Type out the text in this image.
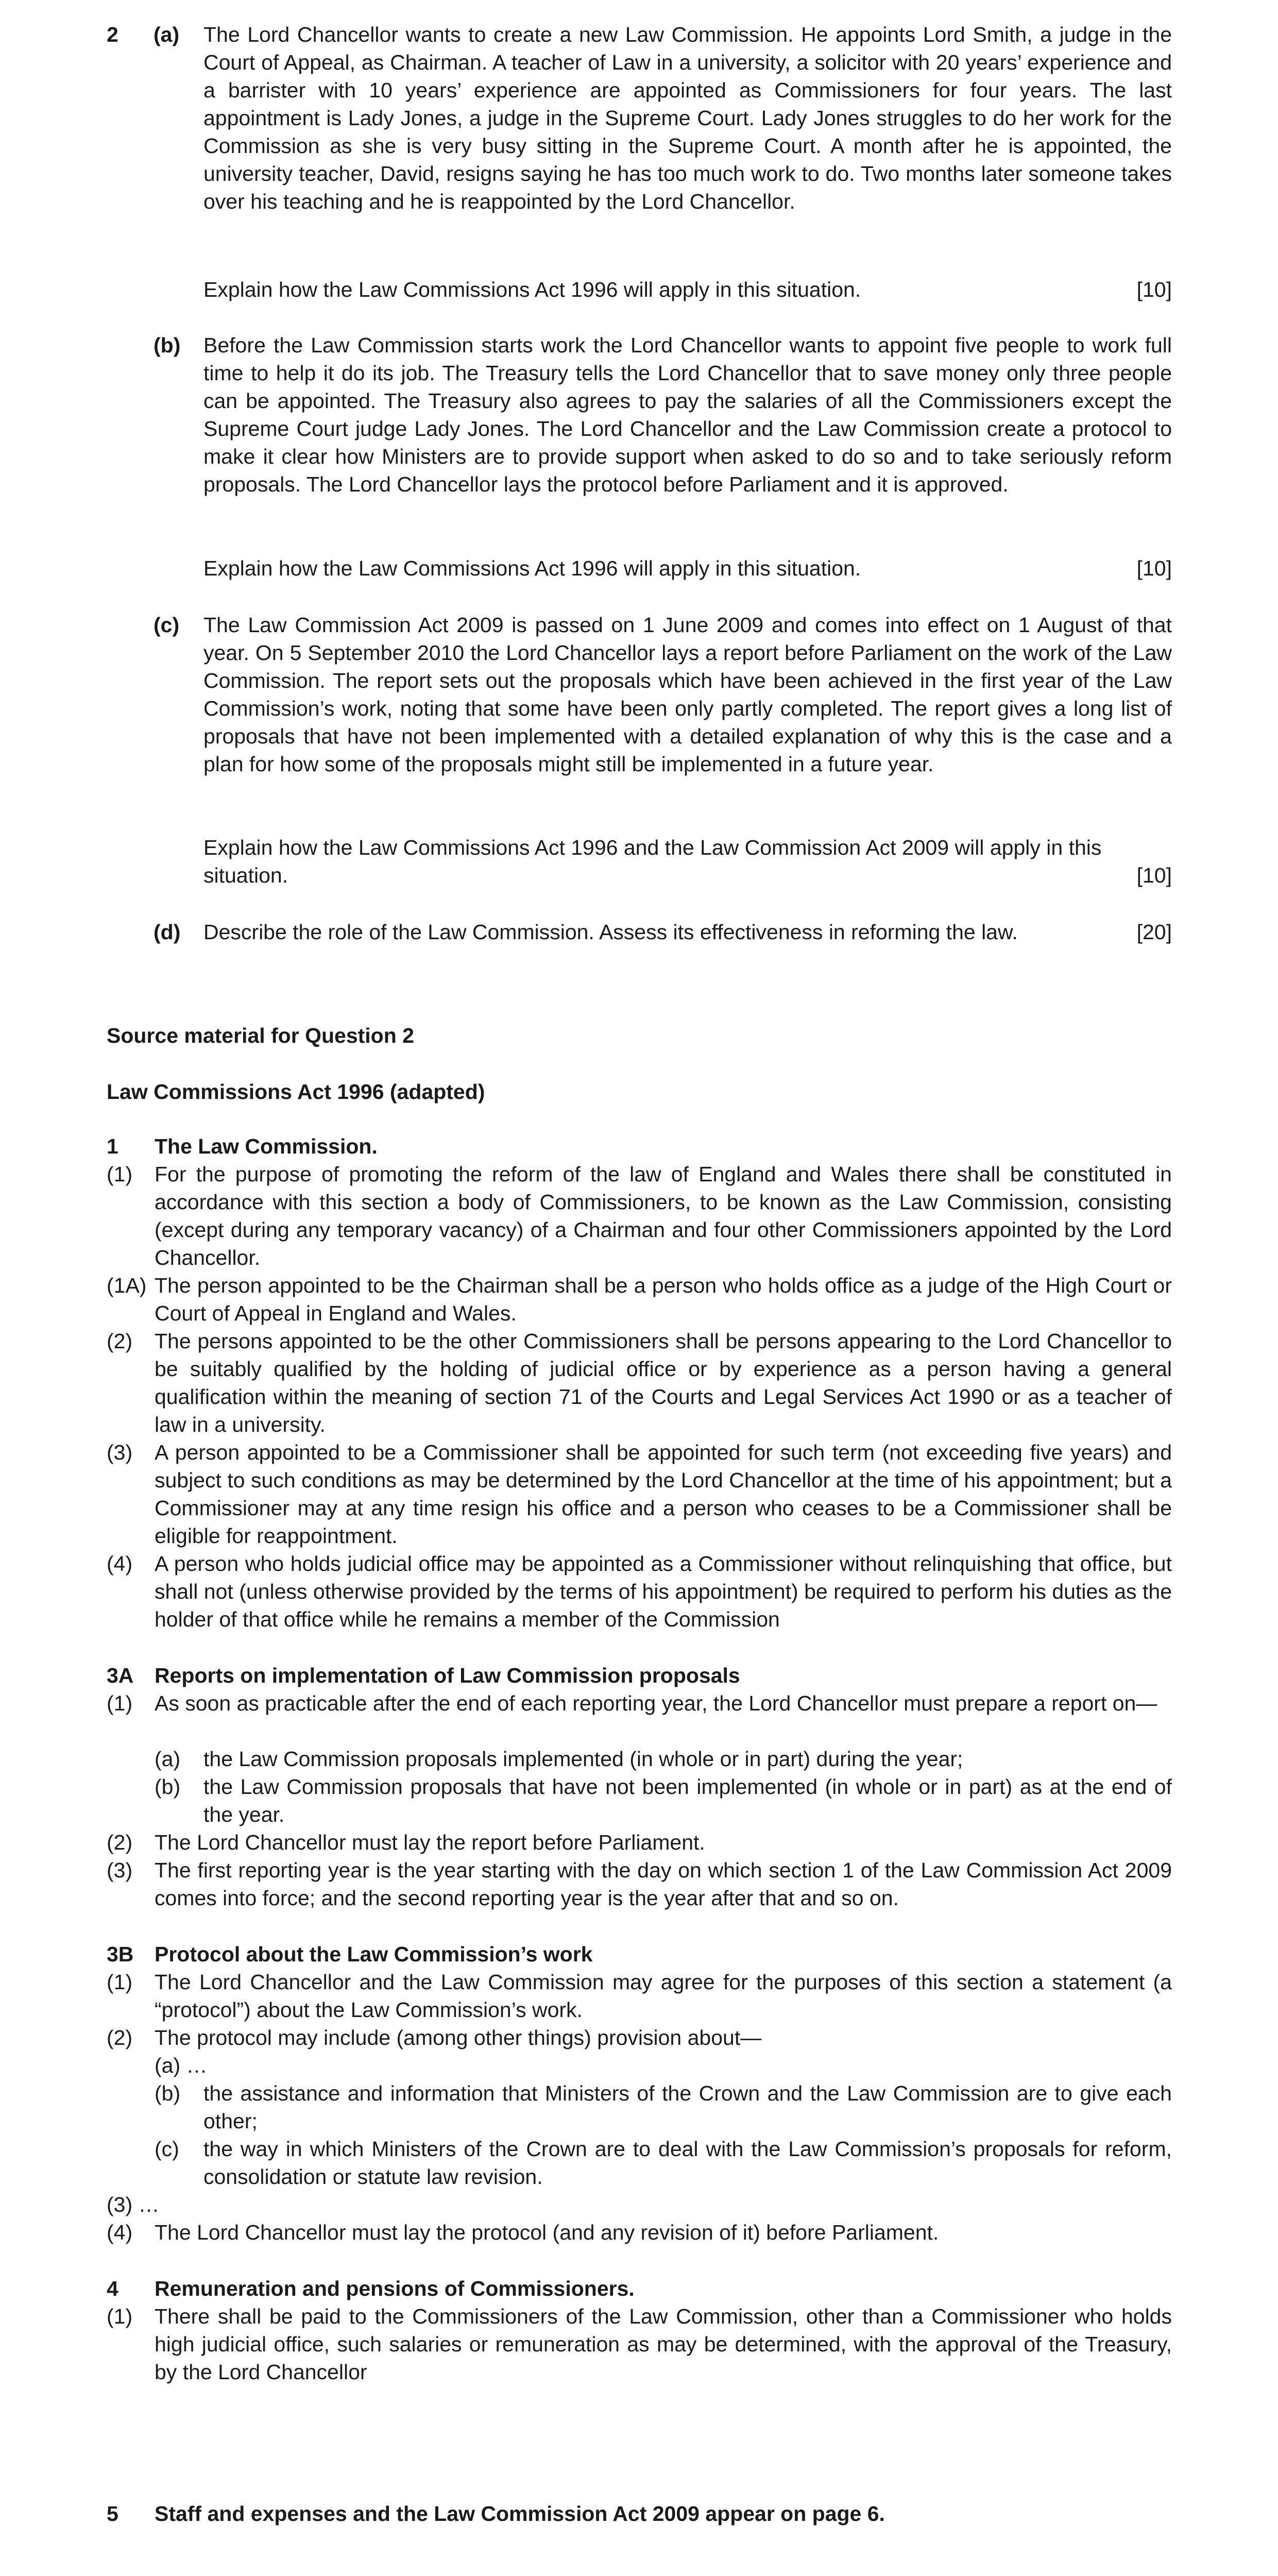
2 (a) The Lord Chancellor wants to create a new Law Commission. He appoints Lord Smith, a judge in the Court of Appeal, as Chairman. A teacher of Law in a university, a solicitor with 20 years’ experience and a barrister with 10 years’ experience are appointed as Commissioners for four years. The last appointment is Lady Jones, a judge in the Supreme Court. Lady Jones struggles to do her work for the Commission as she is very busy sitting in the Supreme Court. A month after he is appointed, the university teacher, David, resigns saying he has too much work to do. Two months later someone takes over his teaching and he is reappointed by the Lord Chancellor.
Explain how the Law Commissions Act 1996 will apply in this situation.	[10]
(b) Before the Law Commission starts work the Lord Chancellor wants to appoint five people to work full time to help it do its job. The Treasury tells the Lord Chancellor that to save money only three people can be appointed. The Treasury also agrees to pay the salaries of all the Commissioners except the Supreme Court judge Lady Jones. The Lord Chancellor and the Law Commission create a protocol to make it clear how Ministers are to provide support when asked to do so and to take seriously reform proposals. The Lord Chancellor lays the protocol before Parliament and it is approved.
Explain how the Law Commissions Act 1996 will apply in this situation.	[10]
(c) The Law Commission Act 2009 is passed on 1 June 2009 and comes into effect on 1 August of that year. On 5 September 2010 the Lord Chancellor lays a report before Parliament on the work of the Law Commission. The report sets out the proposals which have been achieved in the first year of the Law Commission’s work, noting that some have been only partly completed. The report gives a long list of proposals that have not been implemented with a detailed explanation of why this is the case and a plan for how some of the proposals might still be implemented in a future year.
Explain how the Law Commissions Act 1996 and the Law Commission Act 2009 will apply in this situation.	[10]
(d) Describe the role of the Law Commission. Assess its effectiveness in reforming the law.	[20]
Source material for Question 2
Law Commissions Act 1996 (adapted)
1 The Law Commission.
(1) For the purpose of promoting the reform of the law of England and Wales there shall be constituted in accordance with this section a body of Commissioners, to be known as the Law Commission, consisting (except during any temporary vacancy) of a Chairman and four other Commissioners appointed by the Lord Chancellor.
(1A) The person appointed to be the Chairman shall be a person who holds office as a judge of the High Court or Court of Appeal in England and Wales.
(2) The persons appointed to be the other Commissioners shall be persons appearing to the Lord Chancellor to be suitably qualified by the holding of judicial office or by experience as a person having a general qualification within the meaning of section 71 of the Courts and Legal Services Act 1990 or as a teacher of law in a university.
(3) A person appointed to be a Commissioner shall be appointed for such term (not exceeding five years) and subject to such conditions as may be determined by the Lord Chancellor at the time of his appointment; but a Commissioner may at any time resign his office and a person who ceases to be a Commissioner shall be eligible for reappointment.
(4) A person who holds judicial office may be appointed as a Commissioner without relinquishing that office, but shall not (unless otherwise provided by the terms of his appointment) be required to perform his duties as the holder of that office while he remains a member of the Commission
3A Reports on implementation of Law Commission proposals
(1) As soon as practicable after the end of each reporting year, the Lord Chancellor must prepare a report on—
(a) the Law Commission proposals implemented (in whole or in part) during the year;
(b) the Law Commission proposals that have not been implemented (in whole or in part) as at the end of the year.
(2) The Lord Chancellor must lay the report before Parliament.
(3) The first reporting year is the year starting with the day on which section 1 of the Law Commission Act 2009 comes into force; and the second reporting year is the year after that and so on.
3B Protocol about the Law Commission’s work
(1) The Lord Chancellor and the Law Commission may agree for the purposes of this section a statement (a “protocol”) about the Law Commission’s work.
(2) The protocol may include (among other things) provision about—
(a) …
(b) the assistance and information that Ministers of the Crown and the Law Commission are to give each other;
(c) the way in which Ministers of the Crown are to deal with the Law Commission’s proposals for reform, consolidation or statute law revision.
(3) …
(4) The Lord Chancellor must lay the protocol (and any revision of it) before Parliament.
4 Remuneration and pensions of Commissioners.
(1) There shall be paid to the Commissioners of the Law Commission, other than a Commissioner who holds high judicial office, such salaries or remuneration as may be determined, with the approval of the Treasury, by the Lord Chancellor
5 Staff and expenses and the Law Commission Act 2009 appear on page 6.
